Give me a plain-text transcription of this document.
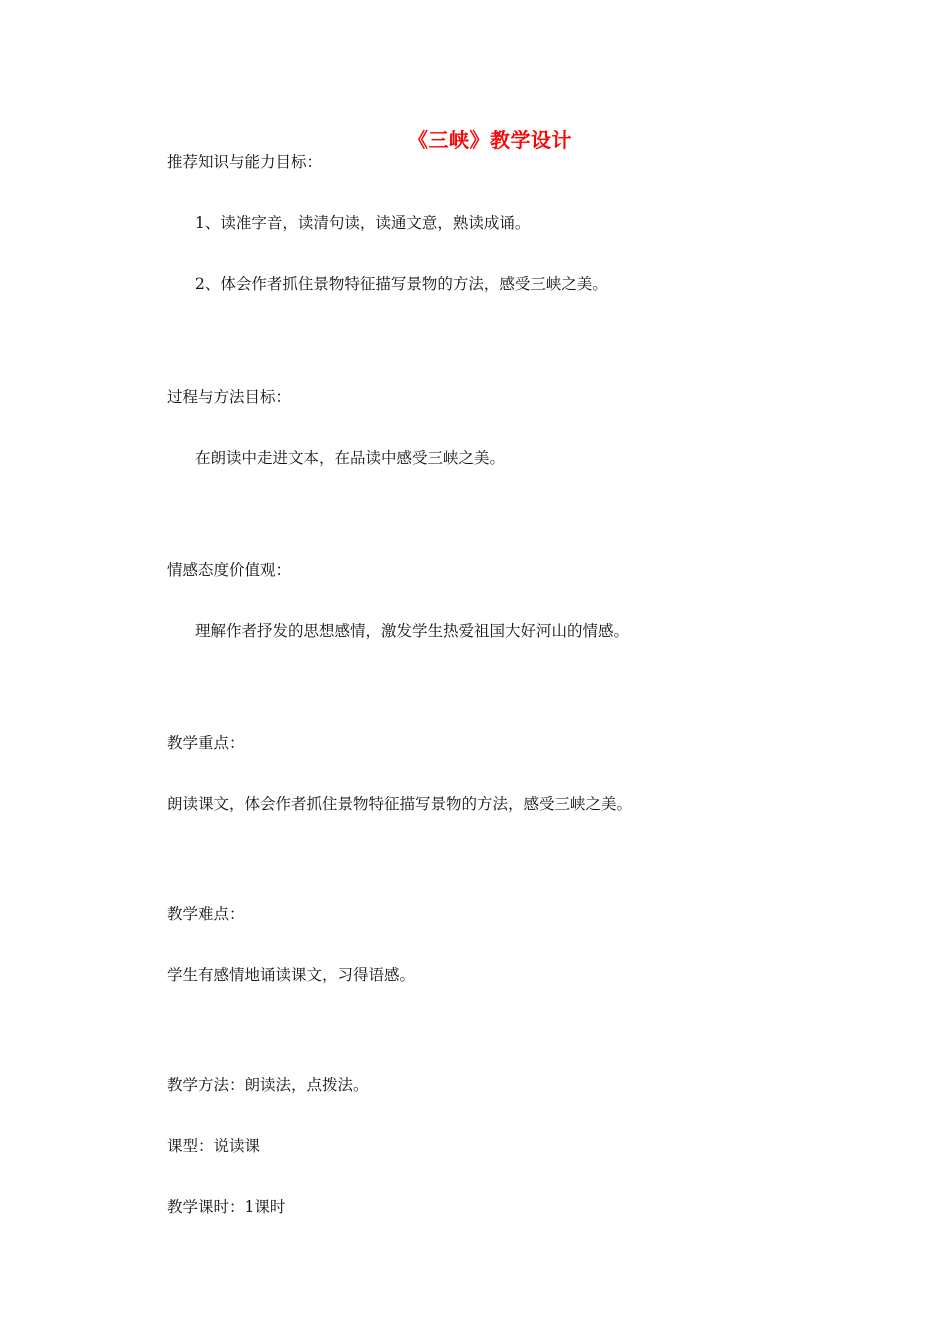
《三峡》教学设计
推荐知识与能力目标：
1、读准字音，读清句读，读通文意，熟读成诵。
2、体会作者抓住景物特征描写景物的方法，感受三峡之美。
过程与方法目标：
在朗读中走进文本，在品读中感受三峡之美。
情感态度价值观：
理解作者抒发的思想感情，激发学生热爱祖国大好河山的情感。
教学重点：
朗读课文，体会作者抓住景物特征描写景物的方法，感受三峡之美。
教学难点：
学生有感情地诵读课文，习得语感。
教学方法：朗读法，点拨法。
课型：说读课
教学课时：1课时
